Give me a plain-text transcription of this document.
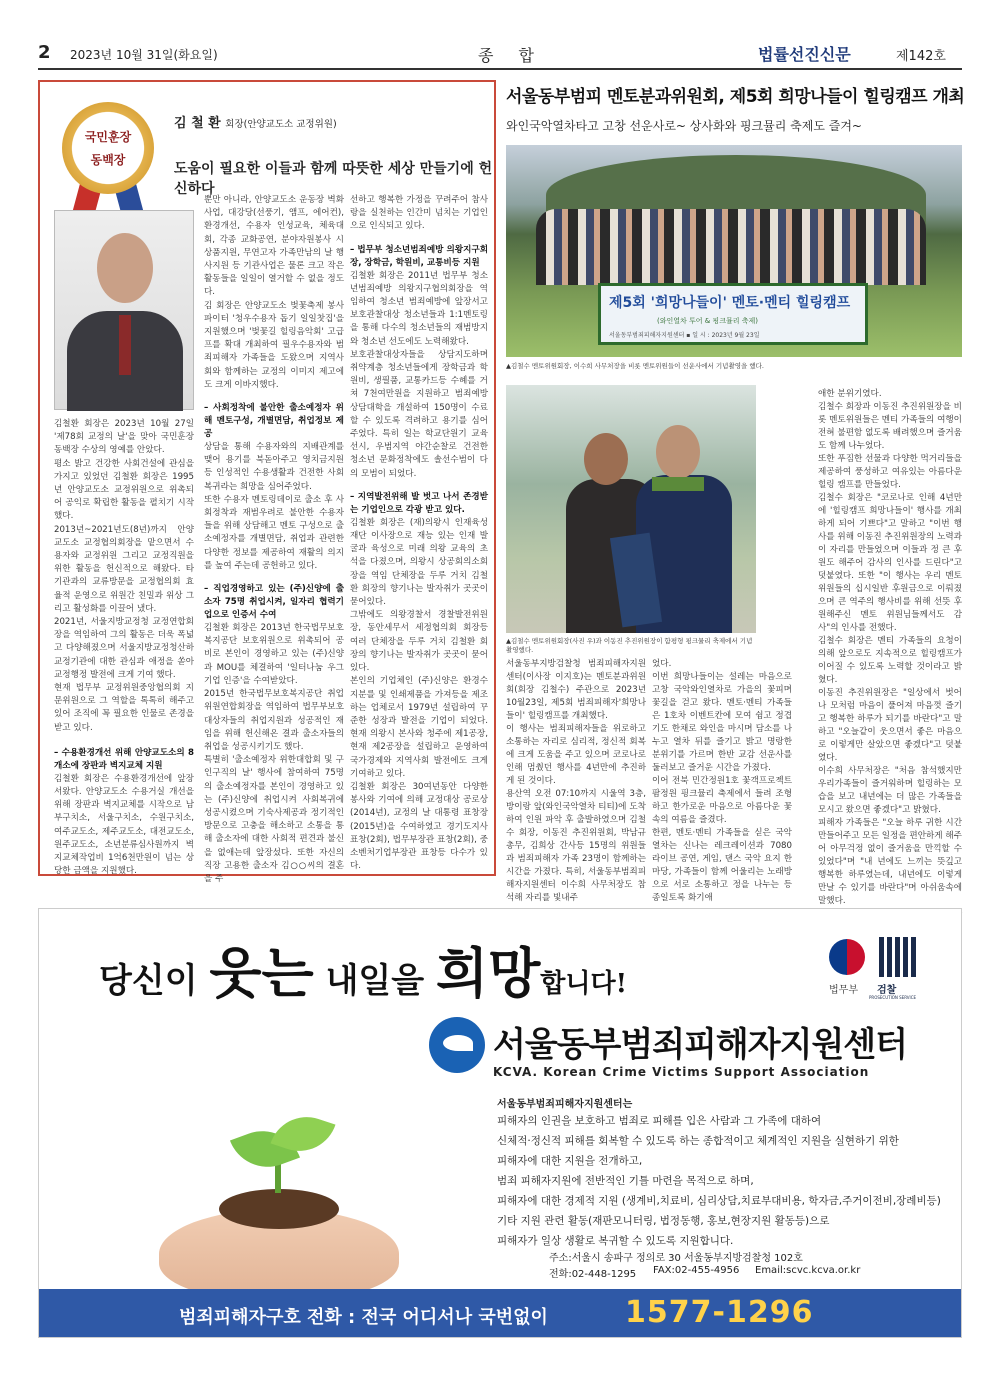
2 2023년 10월 31일(화요일)	종 합	법률선진신문	제142호
국민훈장
동백장
김 철 환 회장(안양교도소 교정위원)
도움이 필요한 이들과 함께 따뜻한 세상 만들기에 헌신하다

김철환 회장은 2023년 10월 27일 '제78회 교정의 날'을 맞아 국민훈장 동백장 수상의 영예를 안았다.

평소 밝고 건강한 사회건설에 관심을 가지고 있었던 김철환 회장은 1995년 안양교도소 교정위원으로 위촉되어 공익로 확립한 활동을 펼치기 시작했다.

2013년~2021년도(8년)까지 안양교도소 교정협의회장을 맡으면서 수용자와 교정위원 그리고 교정직원을 위한 활동을 헌신적으로 해왔다. 타 기관과의 교류방문을 교정협의회 효율적 운영으로 위원간 친밀과 위상 그리고 활성화를 이끌어 냈다.

2021년, 서울지방교정청 교정연합회장을 역임하여 그의 활동은 더욱 폭넓고 다양해졌으며 서울지방교정청산하 교정기관에 대한 관심과 애정을 쏟아 교정행정 발전에 크게 기여 했다.

현재 법무부 교정위원중앙협의회 지문위원으로 그 역할을 톡톡히 해주고 있어 조직에 꼭 필요한 인물로 존경을 받고 있다.

– 수용환경개선 위해 안양교도소의 8개소에 장판과 벽지교체 지원

김철환 회장은 수용환경개선에 앞장서왔다. 안양교도소 수용거실 개선을 위해 장판과 벽지교체를 시작으로 남부구치소, 서울구치소, 수원구치소, 여주교도소, 제주교도소, 대전교도소, 원주교도소, 소년분류심사원까지 벽지교체작업비 1억6천만원이 넘는 상당한 금액을 지원했다.

뿐만 아니라, 안양교도소 운동장 벽화사업, 대강당(선풍기, 앰프, 에어컨), 환경개선, 수용자 인성교육, 체육대회, 각종 교화공연, 분야자원봉사 시상품지원, 무연고자 가족만남의 날 행사지원 등 기관사업은 물론 크고 작은 활동들을 일일이 열거할 수 없을 정도다.

김 회장은 안양교도소 벚꽃축제 봉사 파이터 '청우수용자 돕기 일일찻집'을 지원했으며 '벚꽃길 힐링음악회' 고급프를 확대 개최하여 필우수용자와 범죄피해자 가족들을 도왔으며 지역사회와 함께하는 교정의 이미지 제고에도 크게 이바지했다.

– 사회정착에 불안한 출소예정자 위해 멘토구성, 개별면담, 취업정보 제공

상담을 통해 수용자와의 지배관계를 맺어 용기를 북돋아주고 영치금지원등 인성적인 수용생활과 건전한 사회복귀라는 희망을 심어주었다.

또한 수용자 멘토링데이로 출소 후 사회정착과 재범우려로 불안한 수용자들을 위해 상담해고 멘토 구성으로 출소예정자를 개별면담, 취업과 관련한 다양한 정보를 제공하여 재활의 의지를 높여 주는데 공헌하고 있다.

– 직업경영하고 있는 (주)신양에 출소자 75명 취업시켜, 일자리 협력기업으로 인증서 수여

김철환 회장은 2013년 한국법무보호복지공단 보호위원으로 위촉되어 공비로 본인이 경영하고 있는 (주)신양과 MOU를 체결하여 '일터나눔 우그기업 인증'을 수여받았다.

2015년 한국법무보호복지공단 취업위원연합회장을 역임하여 법무부보호대상자들의 취업지원과 성공적인 재임을 위해 헌신해온 결과 출소자들의 취업을 성공시키기도 했다.

특별히 '출소예정자 위한대합회 및 구인구직의 날' 행사에 참여하여 75명의 출소예정자를 본인이 경영하고 있는 (주)신양에 취업시켜 사회복귀에 성공시켰으며 기숙사제공과 정기적인 방문으로 고충을 해소하고 소통을 통해 출소자에 대한 사회적 편견과 불신을 없애는데 앞장섰다. 또한 자신의 직장 고용한 출소자 김○○씨의 결혼을 주

선하고 행복한 가정을 꾸려주어 참사랑을 실천하는 인간미 넘치는 기업인으로 인식되고 있다.

– 법무부 청소년범죄예방 의왕지구회장, 장학금, 학원비, 교통비등 지원

김철환 회장은 2011년 법무부 청소년범죄예방 의왕지구협의회장을 역임하여 청소년 범죄예방에 앞장서고 보호관찰대상 청소년들과 1:1멘토링을 통해 다수의 청소년들의 재범방지와 청소년 선도에도 노력해왔다.

보호관찰대상자들을 상담지도하며 취약계층 청소년들에게 장학금과 학원비, 생필품, 교통카드등 수혜를 거쳐 7천여만원을 지원하고 범죄예방 상담대학을 개설하여 150명이 수료할 수 있도록 격려하고 용기를 심어주었다. 특히 일는 학교단원기 교육선시, 우범지역 야간순찰로 건전한 청소년 문화정착에도 솔선수범이 다의 모범이 되었다.

– 지역발전위해 발 벗고 나서 존경받는 기업인으로 각광 받고 있다.

김철환 회장은 (재)의왕시 인재육성재단 이사장으로 재능 있는 인재 발굴과 육성으로 미래 의왕 교육의 초석을 다졌으며, 의왕시 상공회의소회장을 역임 단체장을 두루 거치 김철환 회장의 향기나는 발자취가 곳곳이 묻어있다.

그밖에도 의왕경찰서 경찰발전위원장, 동안세무서 세정협의회 회장등 여러 단체장을 두루 거치 김철환 회장의 향기나는 발자취가 곳곳이 묻어있다.

본인의 기업체인 (주)신양은 환경수지분를 및 인쇄제품을 가져등을 제조하는 업체로서 1979년 설립하여 꾸준한 성장과 발전을 기업이 되었다. 현재 의왕시 본사와 청주에 제1공장, 현재 제2공장을 설립하고 운영하여 국가경제와 지역사회 발전에도 크게 기여하고 있다.

김철환 회장은 30여년동안 다양한 봉사와 기여에 의해 교정대상 공로상(2014년), 교정의 날 대통령 표창장(2015년)을 수여하였고 경기도지사 표창(2회), 법무부장관 표창(2회), 중소벤처기업부장관 표창등 다수가 있다.

서울동부범피 멘토분과위원회, 제5회 희망나들이 힐링캠프 개최
와인국악열차타고 고창 선운사로~ 상사화와 핑크뮬리 축제도 즐겨~
제5회 '희망나들이' 멘토·멘티 힐링캠프
(와인열차 투어 & 핑크뮬리 축제)
서울동부범죄피해자지원센터 ▪ 일 시 : 2023년 9월 23일
▲김철수 멘토위원회장, 이수희 사무처장을 비롯 멘토위원들이 선운사에서 기념촬영을 했다.
▲김철수 멘토위원회장(사진 우)과 이동진 추진위원장이 함평형 핑크뮬리 축제에서 기념촬영했다.

서울동부지방검찰청 범죄피해자지원센터(이사장 이지호)는 멘토분과위원회(회장 김철수) 주관으로 2023년 10월23일, 제5회 범죄피해자'희망나들이' 힐링캠프를 개최했다.

이 행사는 범죄피해자들을 위로하고 소통하는 자리로 심리적, 정신적 회복에 크게 도움을 주고 있으며 코로나로 인해 멈췄던 행사를 4년만에 추진하게 된 것이다.

용산역 오전 07:10까지 시울역 3층, 방이랑 앞(와인국악열차 티티)에 도착하여 인원 파악 후 출발하였으며 김철수 회장, 이동진 추진위원회, 박남규 총무, 김희상 간사등 15명의 위원들과 범죄피해자 가족 23명이 함께하는 시간을 가졌다. 특히, 서울동부범죄피해자지원센터 이수희 사무처장도 참석해 자리를 빛내주

었다.

이번 희망나들이는 설레는 마음으로 고창 국악와인열차로 가을의 꽃피며 꽃길을 걷고 왔다. 멘토·멘티 가족들은 1호차 이벤트칸에 모여 쉼고 정겹기도 한채로 와인을 마시며 담소를 나누고 열차 뒤를 즐기고 밝고 명랑한 분위기를 가르며 한반 교감 선운사를 둘러보고 즐거운 시간을 가졌다.

이어 전북 민간정원1호 꽃객프로젝트 팜정원 핑크뮬리 축제에서 들려 조형하고 한가로운 마음으로 아름다운 꽃속의 여름을 즐겼다.

한편, 멘토·멘티 가족들을 싣은 국악열차는 신나는 레크레이션과 7080 라이브 공연, 게임, 댄스 국악 요지 한 마당, 가족들이 함께 어울리는 노래방으로 서로 소통하고 정을 나누는 등 종일토록 화기애

애한 분위기였다.

김철수 회장과 이동진 추진위원장을 비롯 멘토위원들은 멘티 가족들의 여행이 전혀 불편함 없도록 배려했으며 즐거움도 함께 나누었다.

또한 푸짐한 선물과 다양한 먹거리들을 제공하여 풍성하고 여유있는 아름다운 힐링 캠프를 만들었다.

김철수 회장은 "코로나로 인해 4년만에 '힐링캠프 희망나들이' 행사를 개최하게 되어 기쁘다"고 말하고 "이번 행사를 위해 이동진 추진위원장의 노력과 이 자리를 만들었으며 이들과 정 큰 후원도 해주어 감사의 인사를 드린다"고 덧붙였다. 또한 "이 행사는 우리 멘토 위원들의 십시일반 후원금으로 이뤄졌으며 큰 역주의 행사비를 위해 선뜻 후원해주신 멘토 위원님들께서도 감사"의 인사를 전했다.

김철수 회장은 멘티 가족들의 요청이 의해 앞으로도 지속적으로 힐링캠프가 이어질 수 있도록 노력할 것이라고 밝혔다.

이동진 추진위원장은 "일상에서 벗어나 모처럼 마음이 풀어져 마음껏 즐기고 행복한 하루가 되기를 바란다"고 말하고 "오늘같이 웃으면서 좋은 마음으로 이렇게만 살았으면 좋겠다"고 덧붙였다.

이수희 사무처장은 "처음 참석했지만 우리가족들이 즐거워하며 힐링하는 모습을 보고 내년에는 더 많은 가족들을 모시고 왔으면 좋겠다"고 밝혔다.

피해자 가족들은 "오늘 하루 귀한 시간 만들어주고 모든 일정을 편안하게 해주어 아무걱정 없이 즐거움을 만끽할 수 있었다"며 "내 년에도 느끼는 뜻깊고 행복한 하루였는데, 내년에도 이렇게 만날 수 있기를 바란다"며 아쉬움속에 말했다.

당신이 웃는 내일을 희망합니다!	법무부 검찰
PROSECUTION SERVICE
서울동부범죄피해자지원센터
KCVA. Korean Crime Victims Support Association
서울동부범죄피해자지원센터는
피해자의 인권을 보호하고 범죄로 피해를 입은 사람과 그 가족에 대하여
신체적·정신적 피해를 회복할 수 있도록 하는 종합적이고 체계적인 지원을 실현하기 위한
피해자에 대한 지원을 전개하고,
범죄 피해자지원에 전반적인 기틀 마련을 목적으로 하며,
피해자에 대한 경제적 지원 (생계비,치료비, 심리상담,치료부대비용, 학자금,주거이전비,장례비등)
기타 지원 관련 활동(재판모니터링, 법정동행, 홍보,현장지원 활동등)으로
피해자가 일상 생활로 복귀할 수 있도록 지원합니다.
주소:서울시 송파구 정의로 30 서울동부지방검찰청 102호
전화:02-448-1295 FAX:02-455-4956 Email:scvc.kcva.or.kr
범죄피해자구호 전화 : 전국 어디서나 국번없이	1577-1296
